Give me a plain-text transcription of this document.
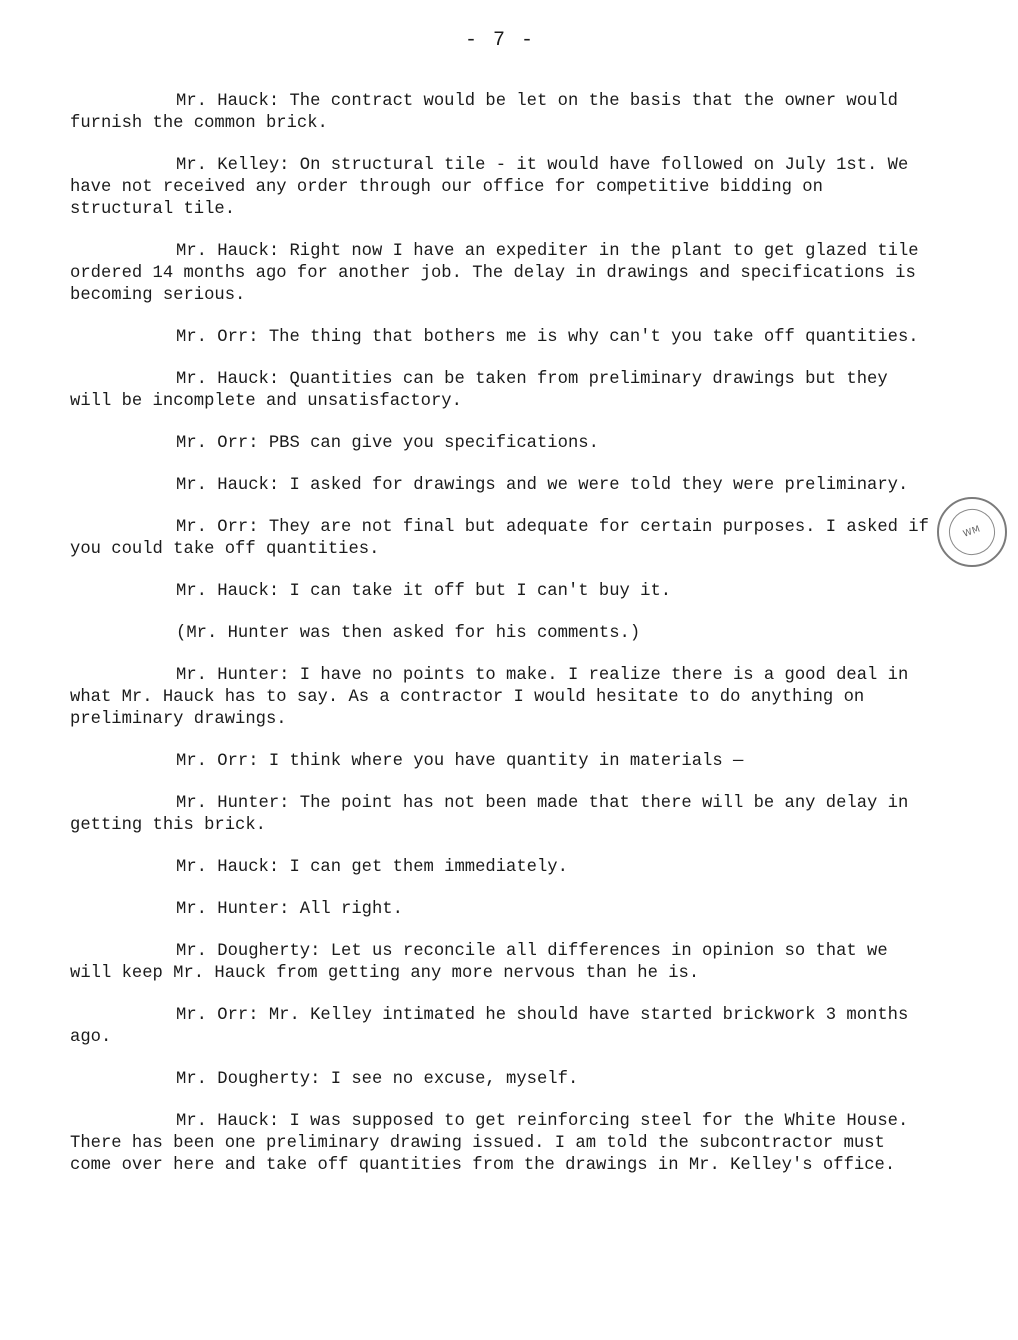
- 7 -
WM

Mr. Hauck: The contract would be let on the basis that the owner would furnish the common brick.

Mr. Kelley: On structural tile - it would have followed on July 1st. We have not received any order through our office for competitive bidding on structural tile.

Mr. Hauck: Right now I have an expediter in the plant to get glazed tile ordered 14 months ago for another job. The delay in drawings and specifications is becoming serious.

Mr. Orr: The thing that bothers me is why can't you take off quantities.

Mr. Hauck: Quantities can be taken from preliminary drawings but they will be incomplete and unsatisfactory.

Mr. Orr: PBS can give you specifications.

Mr. Hauck: I asked for drawings and we were told they were preliminary.

Mr. Orr: They are not final but adequate for certain purposes. I asked if you could take off quantities.

Mr. Hauck: I can take it off but I can't buy it.

(Mr. Hunter was then asked for his comments.)

Mr. Hunter: I have no points to make. I realize there is a good deal in what Mr. Hauck has to say. As a contractor I would hesitate to do anything on preliminary drawings.

Mr. Orr: I think where you have quantity in materials —

Mr. Hunter: The point has not been made that there will be any delay in getting this brick.

Mr. Hauck: I can get them immediately.

Mr. Hunter: All right.

Mr. Dougherty: Let us reconcile all differences in opinion so that we will keep Mr. Hauck from getting any more nervous than he is.

Mr. Orr: Mr. Kelley intimated he should have started brickwork 3 months ago.

Mr. Dougherty: I see no excuse, myself.

Mr. Hauck: I was supposed to get reinforcing steel for the White House. There has been one preliminary drawing issued. I am told the subcontractor must come over here and take off quantities from the drawings in Mr. Kelley's office.
